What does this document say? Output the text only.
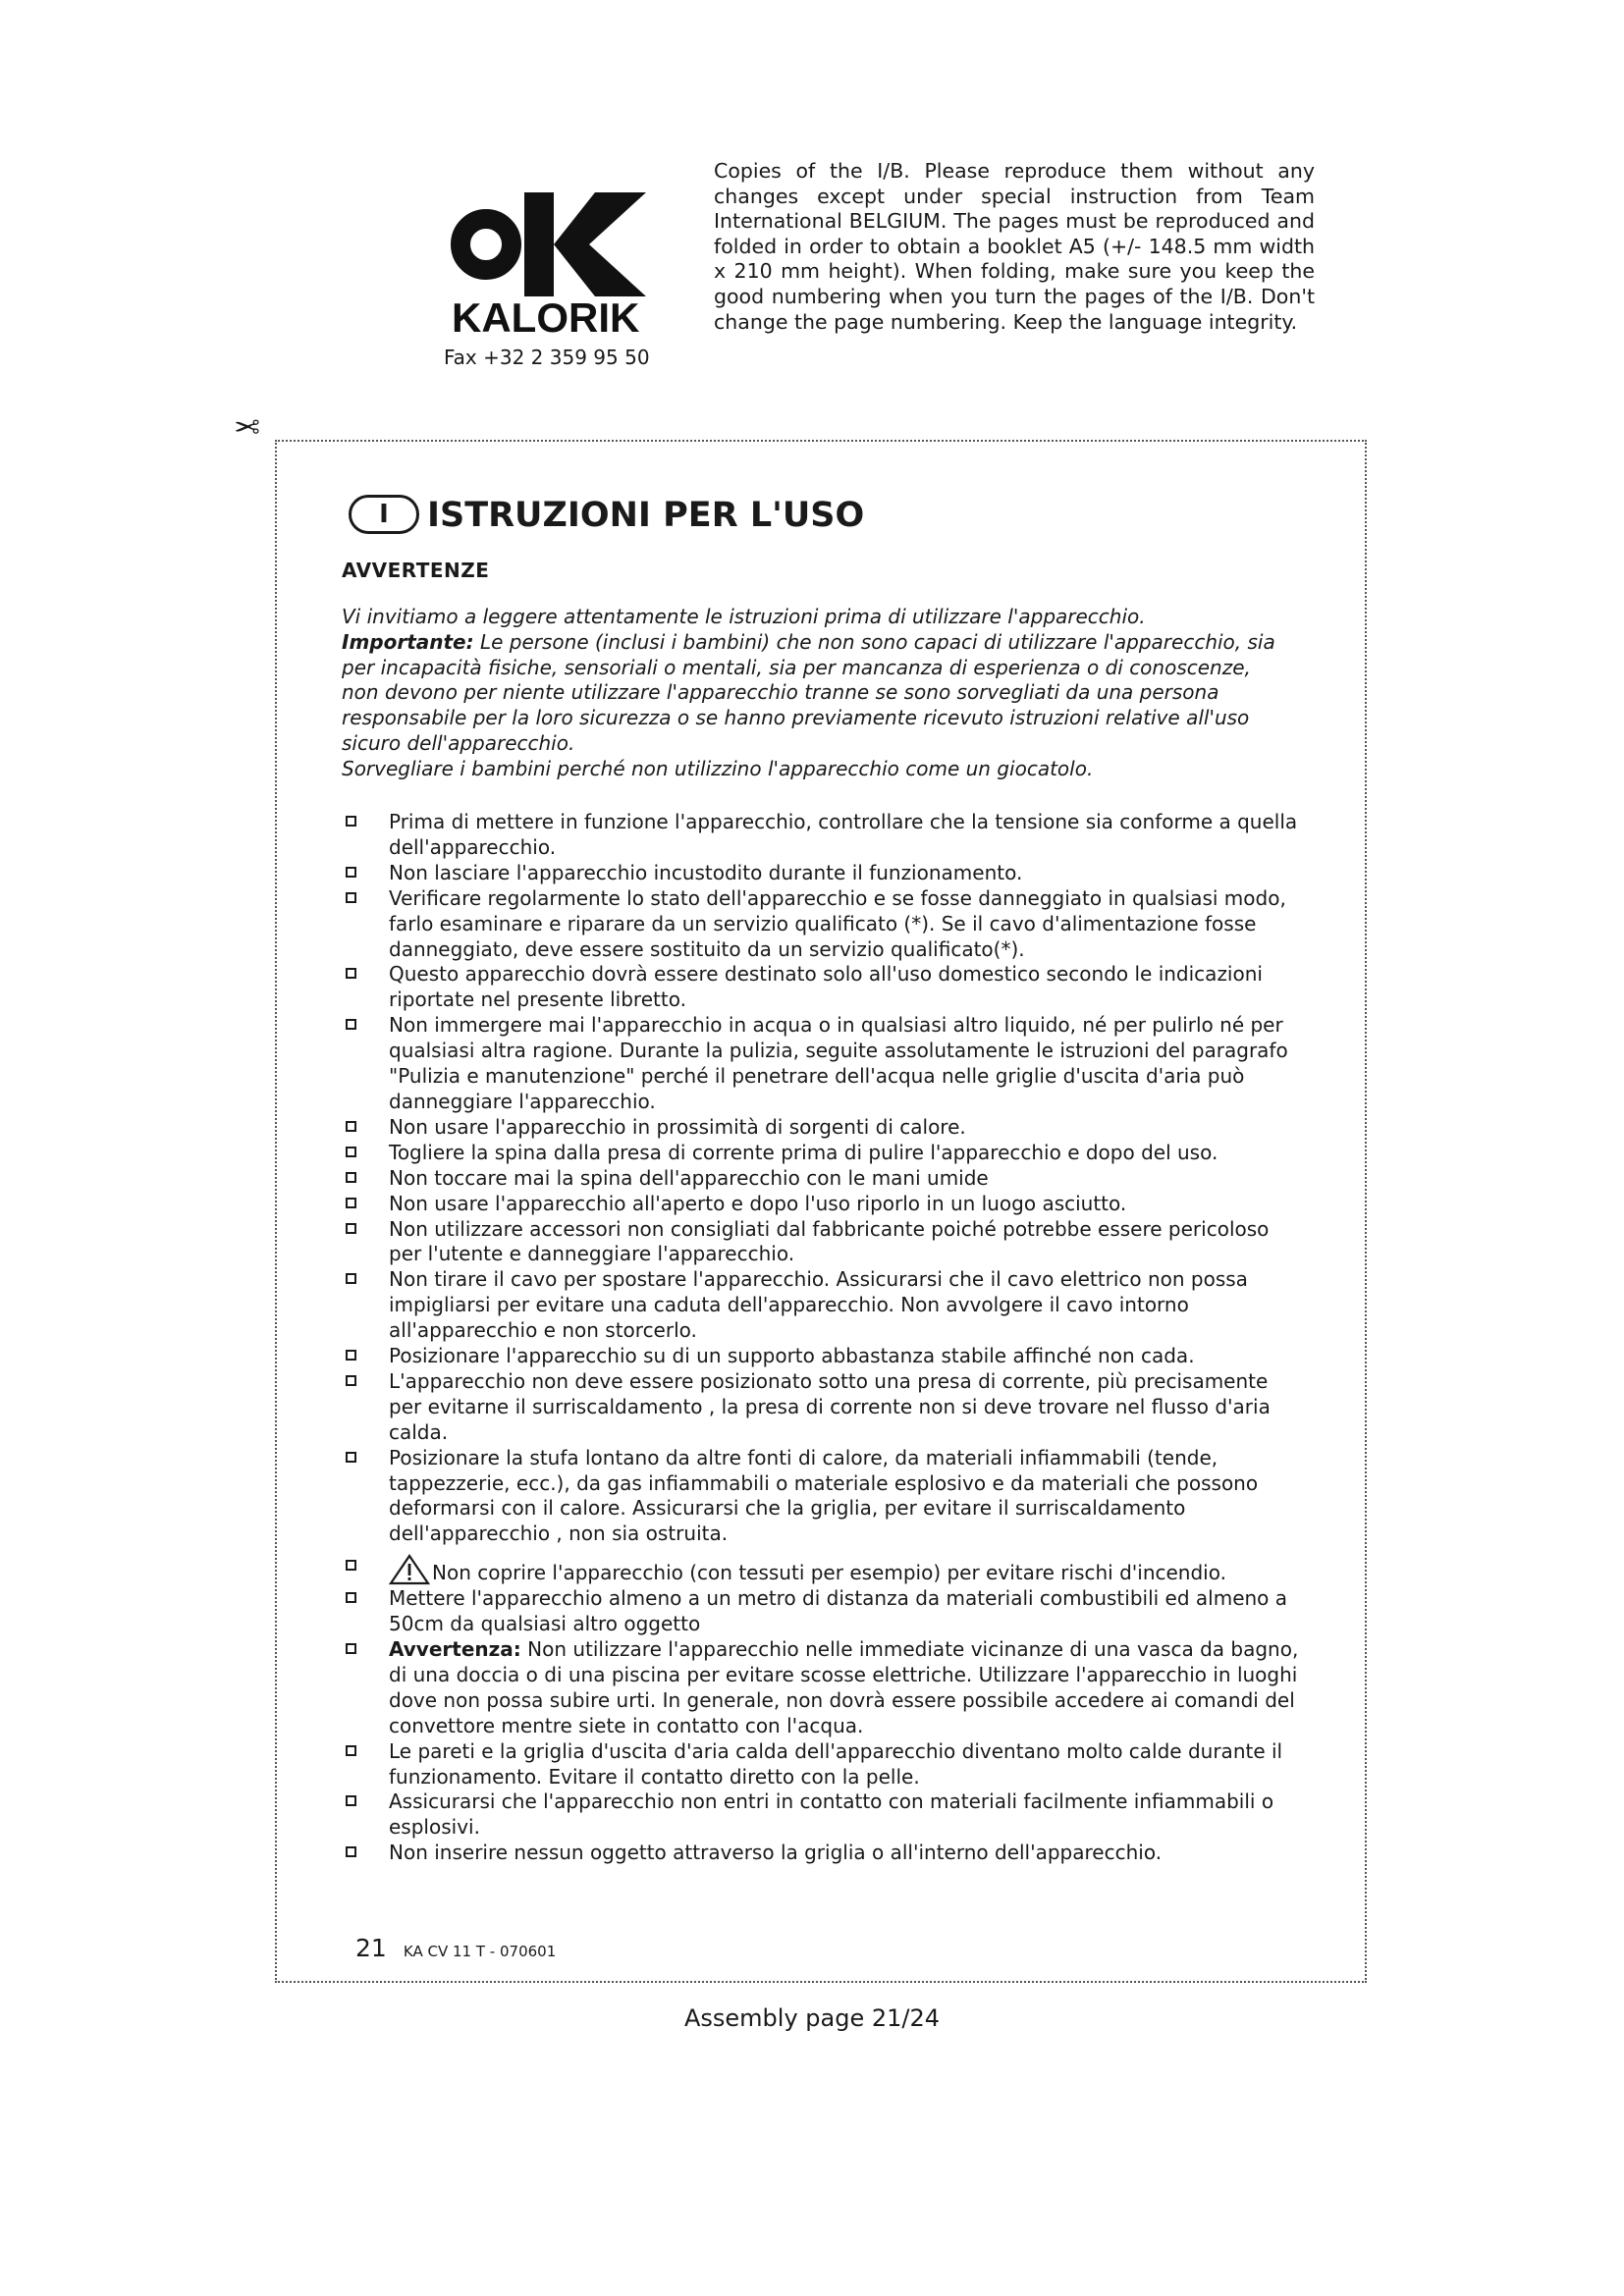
KALORIK
Fax +32 2 359 95 50
Copies of the I/B. Please reproduce them without any changes except under special instruction from Team International BELGIUM. The pages must be reproduced and folded in order to obtain a booklet A5 (+/- 148.5 mm width x 210 mm height). When folding, make sure you keep the good numbering when you turn the pages of the I/B. Don't change the page numbering. Keep the language integrity.
✂
I	ISTRUZIONI PER L'USO
AVVERTENZE

Vi invitiamo a leggere attentamente le istruzioni prima di utilizzare l'apparecchio.

Importante: Le persone (inclusi i bambini) che non sono capaci di utilizzare l'apparecchio, sia per incapacità fisiche, sensoriali o mentali, sia per mancanza di esperienza o di conoscenze, non devono per niente utilizzare l'apparecchio tranne se sono sorvegliati da una persona responsabile per la loro sicurezza o se hanno previamente ricevuto istruzioni relative all'uso sicuro dell'apparecchio.

Sorvegliare i bambini perché non utilizzino l'apparecchio come un giocatolo.

Prima di mettere in funzione l'apparecchio, controllare che la tensione sia conforme a quella dell'apparecchio.
Non lasciare l'apparecchio incustodito durante il funzionamento.
Verificare regolarmente lo stato dell'apparecchio e se fosse danneggiato in qualsiasi modo, farlo esaminare e riparare da un servizio qualificato (*). Se il cavo d'alimentazione fosse danneggiato, deve essere sostituito da un servizio qualificato(*).
Questo apparecchio dovrà essere destinato solo all'uso domestico secondo le indicazioni riportate nel presente libretto.
Non immergere mai l'apparecchio in acqua o in qualsiasi altro liquido, né per pulirlo né per qualsiasi altra ragione. Durante la pulizia, seguite assolutamente le istruzioni del paragrafo "Pulizia e manutenzione" perché il penetrare dell'acqua nelle griglie d'uscita d'aria può danneggiare l'apparecchio.
Non usare l'apparecchio in prossimità di sorgenti di calore.
Togliere la spina dalla presa di corrente prima di pulire l'apparecchio e dopo del uso.
Non toccare mai la spina dell'apparecchio con le mani umide
Non usare l'apparecchio all'aperto e dopo l'uso riporlo in un luogo asciutto.
Non utilizzare accessori non consigliati dal fabbricante poiché potrebbe essere pericoloso per l'utente e danneggiare l'apparecchio.
Non tirare il cavo per spostare l'apparecchio. Assicurarsi che il cavo elettrico non possa impigliarsi per evitare una caduta dell'apparecchio. Non avvolgere il cavo intorno all'apparecchio e non storcerlo.
Posizionare l'apparecchio su di un supporto abbastanza stabile affinché non cada.
L'apparecchio non deve essere posizionato sotto una presa di corrente, più precisamente per evitarne il surriscaldamento , la presa di corrente non si deve trovare nel flusso d'aria calda.
Posizionare la stufa lontano da altre fonti di calore, da materiali infiammabili (tende, tappezzerie, ecc.), da gas infiammabili o materiale esplosivo e da materiali che possono deformarsi con il calore. Assicurarsi che la griglia, per evitare il surriscaldamento dell'apparecchio , non sia ostruita.
Non coprire l'apparecchio (con tessuti per esempio) per evitare rischi d'incendio.
Mettere l'apparecchio almeno a un metro di distanza da materiali combustibili ed almeno a 50cm da qualsiasi altro oggetto
Avvertenza: Non utilizzare l'apparecchio nelle immediate vicinanze di una vasca da bagno, di una doccia o di una piscina per evitare scosse elettriche. Utilizzare l'apparecchio in luoghi dove non possa subire urti. In generale, non dovrà essere possibile accedere ai comandi del convettore mentre siete in contatto con l'acqua.
Le pareti e la griglia d'uscita d'aria calda dell'apparecchio diventano molto calde durante il funzionamento. Evitare il contatto diretto con la pelle.
Assicurarsi che l'apparecchio non entri in contatto con materiali facilmente infiammabili o esplosivi.
Non inserire nessun oggetto attraverso la griglia o all'interno dell'apparecchio.
21 KA CV 11 T - 070601
Assembly page 21/24
